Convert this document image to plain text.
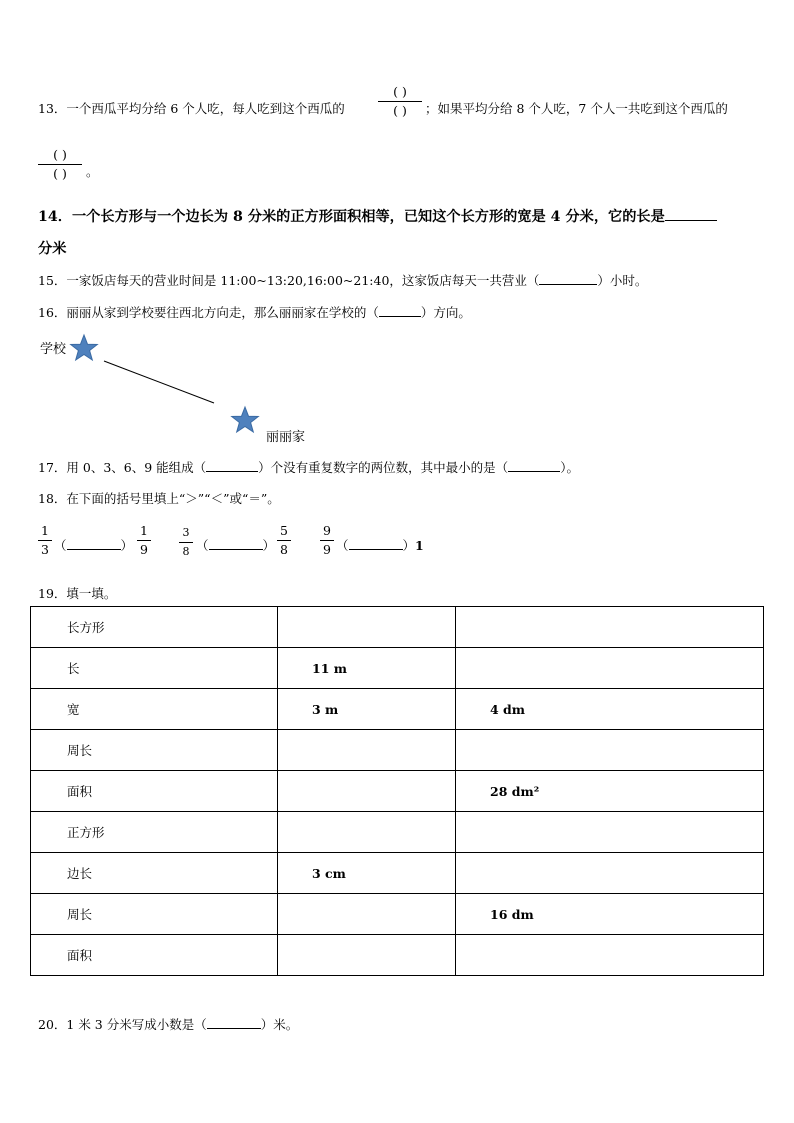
13．一个西瓜平均分给 6 个人吃，每人吃到这个西瓜的
( )
( )	；如果平均分给 8 个人吃，7 个人一共吃到这个西瓜的
( )
( )	。
14．一个长方形与一个边长为 8 分米的正方形面积相等，已知这个长方形的宽是 4 分米，它的长是
分米
15．一家饭店每天的营业时间是 11:00~13:20,16:00~21:40，这家饭店每天一共营业（	）小时。
16．丽丽从家到学校要往西北方向走，那么丽丽家在学校的（	）方向。
学校
丽丽家
17．用 0、3、6、9 能组成（	）个没有重复数字的两位数，其中最小的是（	）。
18．在下面的括号里填上“＞”“＜”或“＝”。
1
3 （	）
1
9
3
8 （	）
5
8
9
9 （	）1
19．填一填。
长方形		
长	11 m	
宽	3 m	4 dm
周长		
面积		28 dm²
正方形		
边长	3 cm	
周长		16 dm
面积		
20．1 米 3 分米写成小数是（	）米。
